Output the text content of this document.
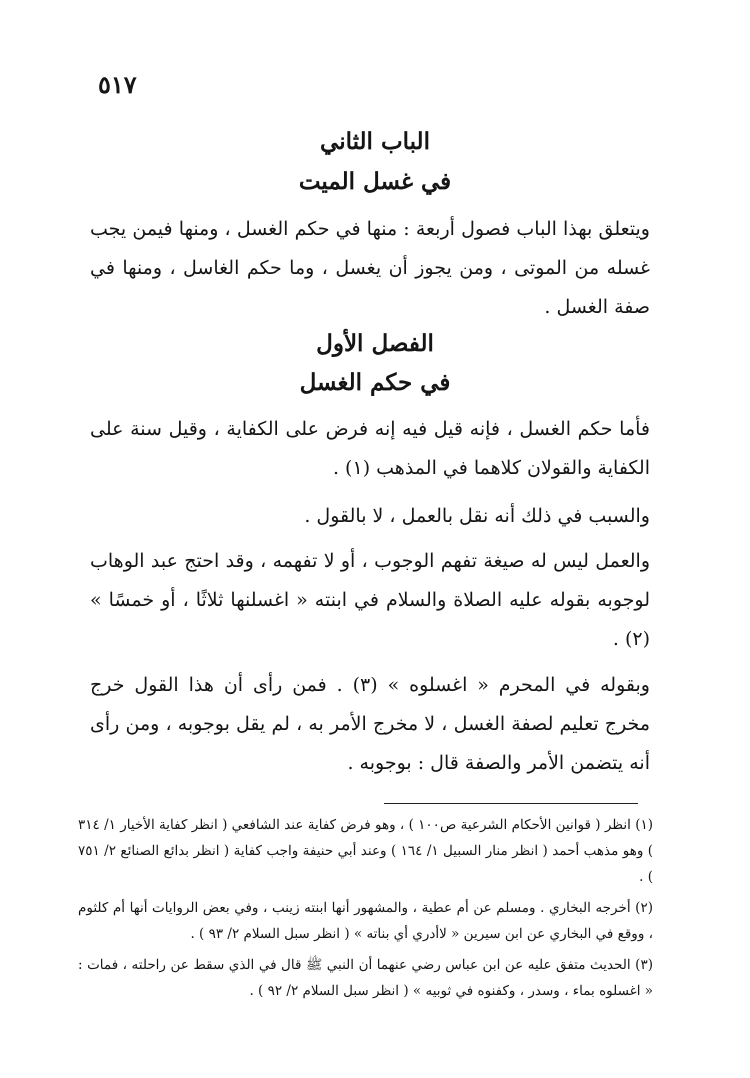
٥١٧
الباب الثاني
في غسل الميت

ويتعلق بهذا الباب فصول أربعة : منها في حكم الغسل ، ومنها فيمن يجب غسله من الموتى ، ومن يجوز أن يغسل ، وما حكم الغاسل ، ومنها في صفة الغسل .

الفصل الأول
في حكم الغسل

فأما حكم الغسل ، فإنه قيل فيه إنه فرض على الكفاية ، وقيل سنة على الكفاية والقولان كلاهما في المذهب (١) .

والسبب في ذلك أنه نقل بالعمل ، لا بالقول .

والعمل ليس له صيغة تفهم الوجوب ، أو لا تفهمه ، وقد احتج عبد الوهاب لوجوبه بقوله عليه الصلاة والسلام في ابنته « اغسلنها ثلاثًا ، أو خمسًا » (٢) .

وبقوله في المحرم « اغسلوه » (٣) . فمن رأى أن هذا القول خرج مخرج تعليم لصفة الغسل ، لا مخرج الأمر به ، لم يقل بوجوبه ، ومن رأى أنه يتضمن الأمر والصفة قال : بوجوبه .

(١) انظر ( قوانين الأحكام الشرعية ص١٠٠ ) ، وهو فرض كفاية عند الشافعي ( انظر كفاية الأخيار ١/ ٣١٤ ) وهو مذهب أحمد ( انظر منار السبيل ١/ ١٦٤ ) وعند أبي حنيفة واجب كفاية ( انظر بدائع الصنائع ٢/ ٧٥١ ) .

(٢) أخرجه البخاري . ومسلم عن أم عطية ، والمشهور أنها ابنته زينب ، وفي بعض الروايات أنها أم كلثوم ، ووقع في البخاري عن ابن سيرين « لاأدري أي بناته » ( انظر سبل السلام ٢/ ٩٣ ) .

(٣) الحديث متفق عليه عن ابن عباس رضي عنهما أن النبي ﷺ قال في الذي سقط عن راحلته ، فمات : « اغسلوه بماء ، وسدر ، وكفنوه في ثوبيه » ( انظر سبل السلام ٢/ ٩٢ ) .
